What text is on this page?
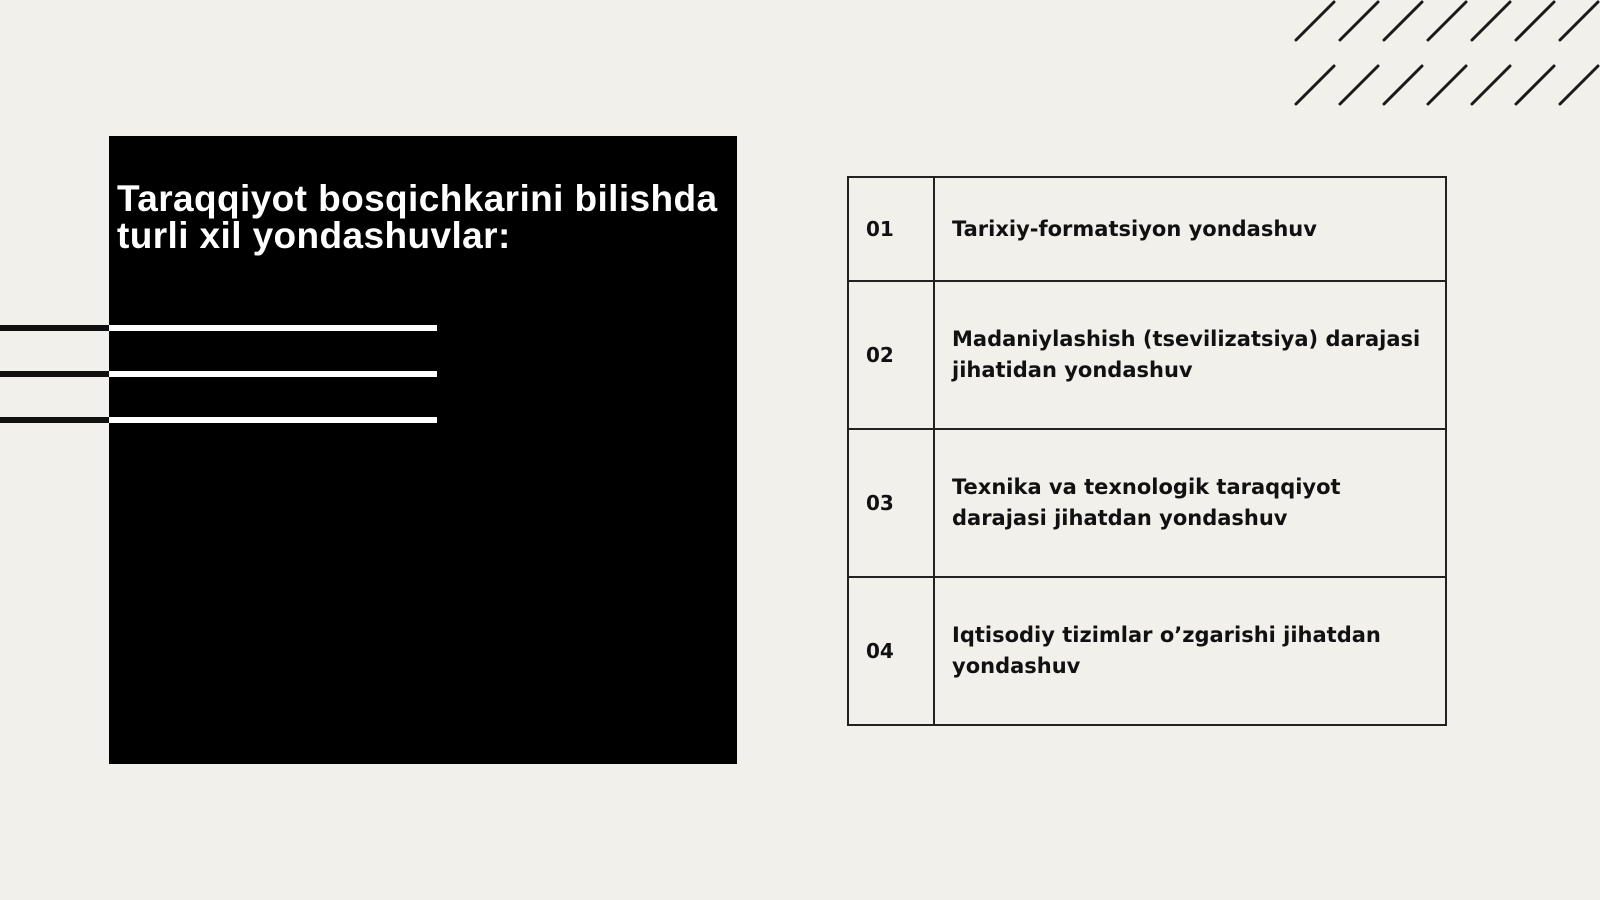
Taraqqiyot bosqichkarini bilishda
turli xil yondashuvlar:	01	Tarixiy-formatsiyon yondashuv
02
Madaniylashish (tsevilizatsiya) darajasi jihatidan yondashuv
03
Texnika va texnologik taraqqiyot darajasi jihatdan yondashuv
04
Iqtisodiy tizimlar o’zgarishi jihatdan yondashuv
